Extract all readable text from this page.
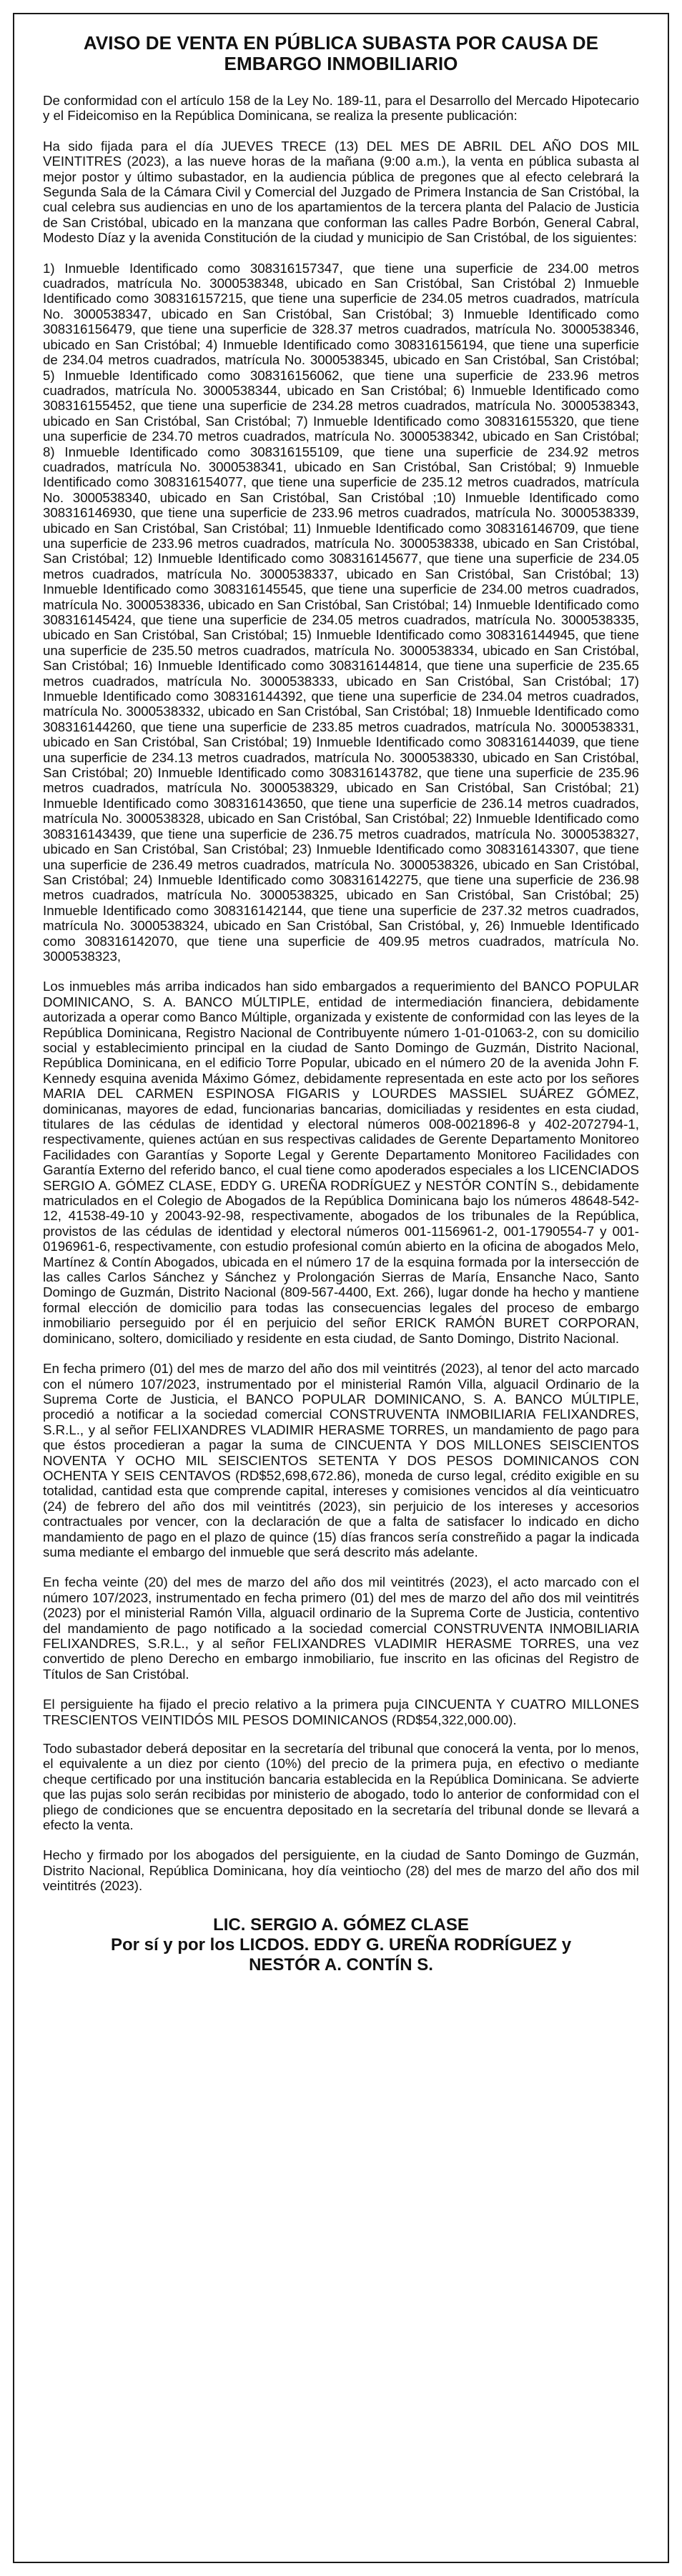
AVISO DE VENTA EN PÚBLICA SUBASTA POR CAUSA DE EMBARGO INMOBILIARIO

De conformidad con el artículo 158 de la Ley No. 189-11, para el Desarrollo del Mercado Hipotecario y el Fideicomiso en la República Dominicana, se realiza la presente publicación:

Ha sido fijada para el día JUEVES TRECE (13) DEL MES DE ABRIL DEL AÑO DOS MIL VEINTITRES (2023), a las nueve horas de la mañana (9:00 a.m.), la venta en pública subasta al mejor postor y último subastador, en la audiencia pública de pregones que al efecto celebrará la Segunda Sala de la Cámara Civil y Comercial del Juzgado de Primera Instancia de San Cristóbal, la cual celebra sus audiencias en uno de los apartamientos de la tercera planta del Palacio de Justicia de San Cristóbal, ubicado en la manzana que conforman las calles Padre Borbón, General Cabral, Modesto Díaz y la avenida Constitución de la ciudad y municipio de San Cristóbal, de los siguientes:

1) Inmueble Identificado como 308316157347, que tiene una superficie de 234.00 metros cuadrados, matrícula No. 3000538348, ubicado en San Cristóbal, San Cristóbal 2) Inmueble Identificado como 308316157215, que tiene una superficie de 234.05 metros cuadrados, matrícula No. 3000538347, ubicado en San Cristóbal, San Cristóbal; 3) Inmueble Identificado como 308316156479, que tiene una superficie de 328.37 metros cuadrados, matrícula No. 3000538346, ubicado en San Cristóbal; 4) Inmueble Identificado como 308316156194, que tiene una superficie de 234.04 metros cuadrados, matrícula No. 3000538345, ubicado en San Cristóbal, San Cristóbal; 5) Inmueble Identificado como 308316156062, que tiene una superficie de 233.96 metros cuadrados, matrícula No. 3000538344, ubicado en San Cristóbal; 6) Inmueble Identificado como 308316155452, que tiene una superficie de 234.28 metros cuadrados, matrícula No. 3000538343, ubicado en San Cristóbal, San Cristóbal; 7) Inmueble Identificado como 308316155320, que tiene una superficie de 234.70 metros cuadrados, matrícula No. 3000538342, ubicado en San Cristóbal; 8) Inmueble Identificado como 308316155109, que tiene una superficie de 234.92 metros cuadrados, matrícula No. 3000538341, ubicado en San Cristóbal, San Cristóbal; 9) Inmueble Identificado como 308316154077, que tiene una superficie de 235.12 metros cuadrados, matrícula No. 3000538340, ubicado en San Cristóbal, San Cristóbal ;10) Inmueble Identificado como 308316146930, que tiene una superficie de 233.96 metros cuadrados, matrícula No. 3000538339, ubicado en San Cristóbal, San Cristóbal; 11) Inmueble Identificado como 308316146709, que tiene una superficie de 233.96 metros cuadrados, matrícula No. 3000538338, ubicado en San Cristóbal, San Cristóbal; 12) Inmueble Identificado como 308316145677, que tiene una superficie de 234.05 metros cuadrados, matrícula No. 3000538337, ubicado en San Cristóbal, San Cristóbal; 13) Inmueble Identificado como 308316145545, que tiene una superficie de 234.00 metros cuadrados, matrícula No. 3000538336, ubicado en San Cristóbal, San Cristóbal; 14) Inmueble Identificado como 308316145424, que tiene una superficie de 234.05 metros cuadrados, matrícula No. 3000538335, ubicado en San Cristóbal, San Cristóbal; 15) Inmueble Identificado como 308316144945, que tiene una superficie de 235.50 metros cuadrados, matrícula No. 3000538334, ubicado en San Cristóbal, San Cristóbal; 16) Inmueble Identificado como 308316144814, que tiene una superficie de 235.65 metros cuadrados, matrícula No. 3000538333, ubicado en San Cristóbal, San Cristóbal; 17) Inmueble Identificado como 308316144392, que tiene una superficie de 234.04 metros cuadrados, matrícula No. 3000538332, ubicado en San Cristóbal, San Cristóbal; 18) Inmueble Identificado como 308316144260, que tiene una superficie de 233.85 metros cuadrados, matrícula No. 3000538331, ubicado en San Cristóbal, San Cristóbal; 19) Inmueble Identificado como 308316144039, que tiene una superficie de 234.13 metros cuadrados, matrícula No. 3000538330, ubicado en San Cristóbal, San Cristóbal; 20) Inmueble Identificado como 308316143782, que tiene una superficie de 235.96 metros cuadrados, matrícula No. 3000538329, ubicado en San Cristóbal, San Cristóbal; 21) Inmueble Identificado como 308316143650, que tiene una superficie de 236.14 metros cuadrados, matrícula No. 3000538328, ubicado en San Cristóbal, San Cristóbal; 22) Inmueble Identificado como 308316143439, que tiene una superficie de 236.75 metros cuadrados, matrícula No. 3000538327, ubicado en San Cristóbal, San Cristóbal; 23) Inmueble Identificado como 308316143307, que tiene una superficie de 236.49 metros cuadrados, matrícula No. 3000538326, ubicado en San Cristóbal, San Cristóbal; 24) Inmueble Identificado como 308316142275, que tiene una superficie de 236.98 metros cuadrados, matrícula No. 3000538325, ubicado en San Cristóbal, San Cristóbal; 25) Inmueble Identificado como 308316142144, que tiene una superficie de 237.32 metros cuadrados, matrícula No. 3000538324, ubicado en San Cristóbal, San Cristóbal, y, 26) Inmueble Identificado como 308316142070, que tiene una superficie de 409.95 metros cuadrados, matrícula No. 3000538323,

Los inmuebles más arriba indicados han sido embargados a requerimiento del BANCO POPULAR DOMINICANO, S. A. BANCO MÚLTIPLE, entidad de intermediación financiera, debidamente autorizada a operar como Banco Múltiple, organizada y existente de conformidad con las leyes de la República Dominicana, Registro Nacional de Contribuyente número 1-01-01063-2, con su domicilio social y establecimiento principal en la ciudad de Santo Domingo de Guzmán, Distrito Nacional, República Dominicana, en el edificio Torre Popular, ubicado en el número 20 de la avenida John F. Kennedy esquina avenida Máximo Gómez, debidamente representada en este acto por los señores MARIA DEL CARMEN ESPINOSA FIGARIS y LOURDES MASSIEL SUÁREZ GÓMEZ, dominicanas, mayores de edad, funcionarias bancarias, domiciliadas y residentes en esta ciudad, titulares de las cédulas de identidad y electoral números 008-0021896-8 y 402-2072794-1, respectivamente, quienes actúan en sus respectivas calidades de Gerente Departamento Monitoreo Facilidades con Garantías y Soporte Legal y Gerente Departamento Monitoreo Facilidades con Garantía Externo del referido banco, el cual tiene como apoderados especiales a los LICENCIADOS SERGIO A. GÓMEZ CLASE, EDDY G. UREÑA RODRÍGUEZ y NESTÓR CONTÍN S., debidamente matriculados en el Colegio de Abogados de la República Dominicana bajo los números 48648-542-12, 41538-49-10 y 20043-92-98, respectivamente, abogados de los tribunales de la República, provistos de las cédulas de identidad y electoral números 001-1156961-2, 001-1790554-7 y 001-0196961-6, respectivamente, con estudio profesional común abierto en la oficina de abogados Melo, Martínez & Contín Abogados, ubicada en el número 17 de la esquina formada por la intersección de las calles Carlos Sánchez y Sánchez y Prolongación Sierras de María, Ensanche Naco, Santo Domingo de Guzmán, Distrito Nacional (809-567-4400, Ext. 266), lugar donde ha hecho y mantiene formal elección de domicilio para todas las consecuencias legales del proceso de embargo inmobiliario perseguido por él en perjuicio del señor ERICK RAMÓN BURET CORPORAN, dominicano, soltero, domiciliado y residente en esta ciudad, de Santo Domingo, Distrito Nacional.

En fecha primero (01) del mes de marzo del año dos mil veintitrés (2023), al tenor del acto marcado con el número 107/2023, instrumentado por el ministerial Ramón Villa, alguacil Ordinario de la Suprema Corte de Justicia, el BANCO POPULAR DOMINICANO, S. A. BANCO MÚLTIPLE, procedió a notificar a la sociedad comercial CONSTRUVENTA INMOBILIARIA FELIXANDRES, S.R.L., y al señor FELIXANDRES VLADIMIR HERASME TORRES, un mandamiento de pago para que éstos procedieran a pagar la suma de CINCUENTA Y DOS MILLONES SEISCIENTOS NOVENTA Y OCHO MIL SEISCIENTOS SETENTA Y DOS PESOS DOMINICANOS CON OCHENTA Y SEIS CENTAVOS (RD$52,698,672.86), moneda de curso legal, crédito exigible en su totalidad, cantidad esta que comprende capital, intereses y comisiones vencidos al día veinticuatro (24) de febrero del año dos mil veintitrés (2023), sin perjuicio de los intereses y accesorios contractuales por vencer, con la declaración de que a falta de satisfacer lo indicado en dicho mandamiento de pago en el plazo de quince (15) días francos sería constreñido a pagar la indicada suma mediante el embargo del inmueble que será descrito más adelante.

En fecha veinte (20) del mes de marzo del año dos mil veintitrés (2023), el acto marcado con el número 107/2023, instrumentado en fecha primero (01) del mes de marzo del año dos mil veintitrés (2023) por el ministerial Ramón Villa, alguacil ordinario de la Suprema Corte de Justicia, contentivo del mandamiento de pago notificado a la sociedad comercial CONSTRUVENTA INMOBILIARIA FELIXANDRES, S.R.L., y al señor FELIXANDRES VLADIMIR HERASME TORRES, una vez convertido de pleno Derecho en embargo inmobiliario, fue inscrito en las oficinas del Registro de Títulos de San Cristóbal.

El persiguiente ha fijado el precio relativo a la primera puja CINCUENTA Y CUATRO MILLONES TRESCIENTOS VEINTIDÓS MIL PESOS DOMINICANOS (RD$54,322,000.00).

Todo subastador deberá depositar en la secretaría del tribunal que conocerá la venta, por lo menos, el equivalente a un diez por ciento (10%) del precio de la primera puja, en efectivo o mediante cheque certificado por una institución bancaria establecida en la República Dominicana. Se advierte que las pujas solo serán recibidas por ministerio de abogado, todo lo anterior de conformidad con el pliego de condiciones que se encuentra depositado en la secretaría del tribunal donde se llevará a efecto la venta.

Hecho y firmado por los abogados del persiguiente, en la ciudad de Santo Domingo de Guzmán, Distrito Nacional, República Dominicana, hoy día veintiocho (28) del mes de marzo del año dos mil veintitrés (2023).

LIC. SERGIO A. GÓMEZ CLASE
Por sí y por los LICDOS. EDDY G. UREÑA RODRÍGUEZ y
NESTÓR A. CONTÍN S.
